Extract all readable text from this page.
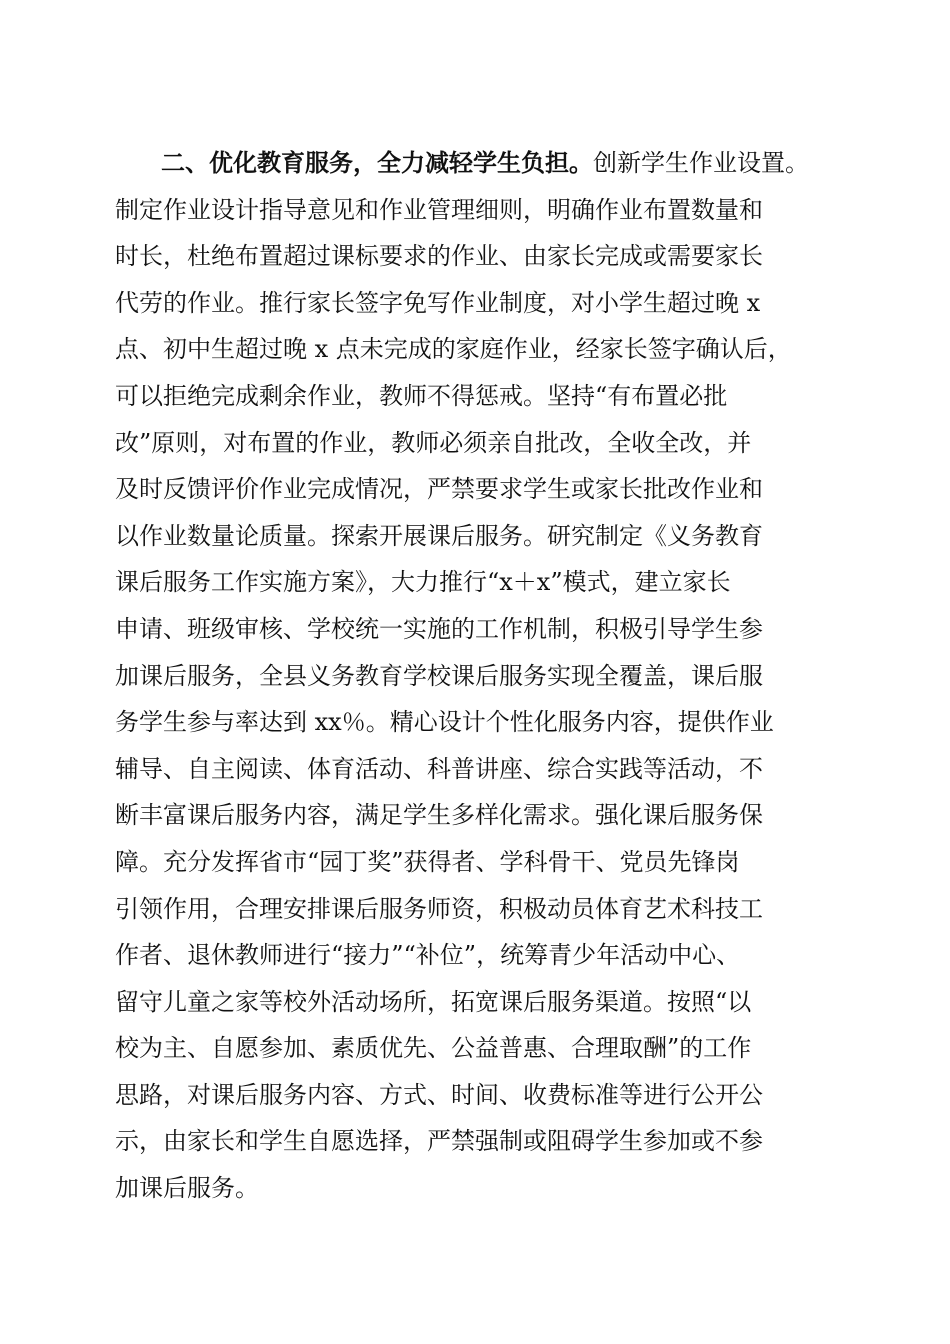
二、优化教育服务，全力减轻学生负担。创新学生作业设置。
制定作业设计指导意见和作业管理细则，明确作业布置数量和
时长，杜绝布置超过课标要求的作业、由家长完成或需要家长
代劳的作业。推行家长签字免写作业制度，对小学生超过晚 x
点、初中生超过晚 x 点未完成的家庭作业，经家长签字确认后，
可以拒绝完成剩余作业，教师不得惩戒。坚持“有布置必批
改”原则，对布置的作业，教师必须亲自批改，全收全改，并
及时反馈评价作业完成情况，严禁要求学生或家长批改作业和
以作业数量论质量。探索开展课后服务。研究制定《义务教育
课后服务工作实施方案》，大力推行“x＋x”模式，建立家长
申请、班级审核、学校统一实施的工作机制，积极引导学生参
加课后服务，全县义务教育学校课后服务实现全覆盖，课后服
务学生参与率达到 xx％。精心设计个性化服务内容，提供作业
辅导、自主阅读、体育活动、科普讲座、综合实践等活动，不
断丰富课后服务内容，满足学生多样化需求。强化课后服务保
障。充分发挥省市“园丁奖”获得者、学科骨干、党员先锋岗
引领作用，合理安排课后服务师资，积极动员体育艺术科技工
作者、退休教师进行“接力”“补位”，统筹青少年活动中心、
留守儿童之家等校外活动场所，拓宽课后服务渠道。按照“以
校为主、自愿参加、素质优先、公益普惠、合理取酬”的工作
思路，对课后服务内容、方式、时间、收费标准等进行公开公
示，由家长和学生自愿选择，严禁强制或阻碍学生参加或不参
加课后服务。
